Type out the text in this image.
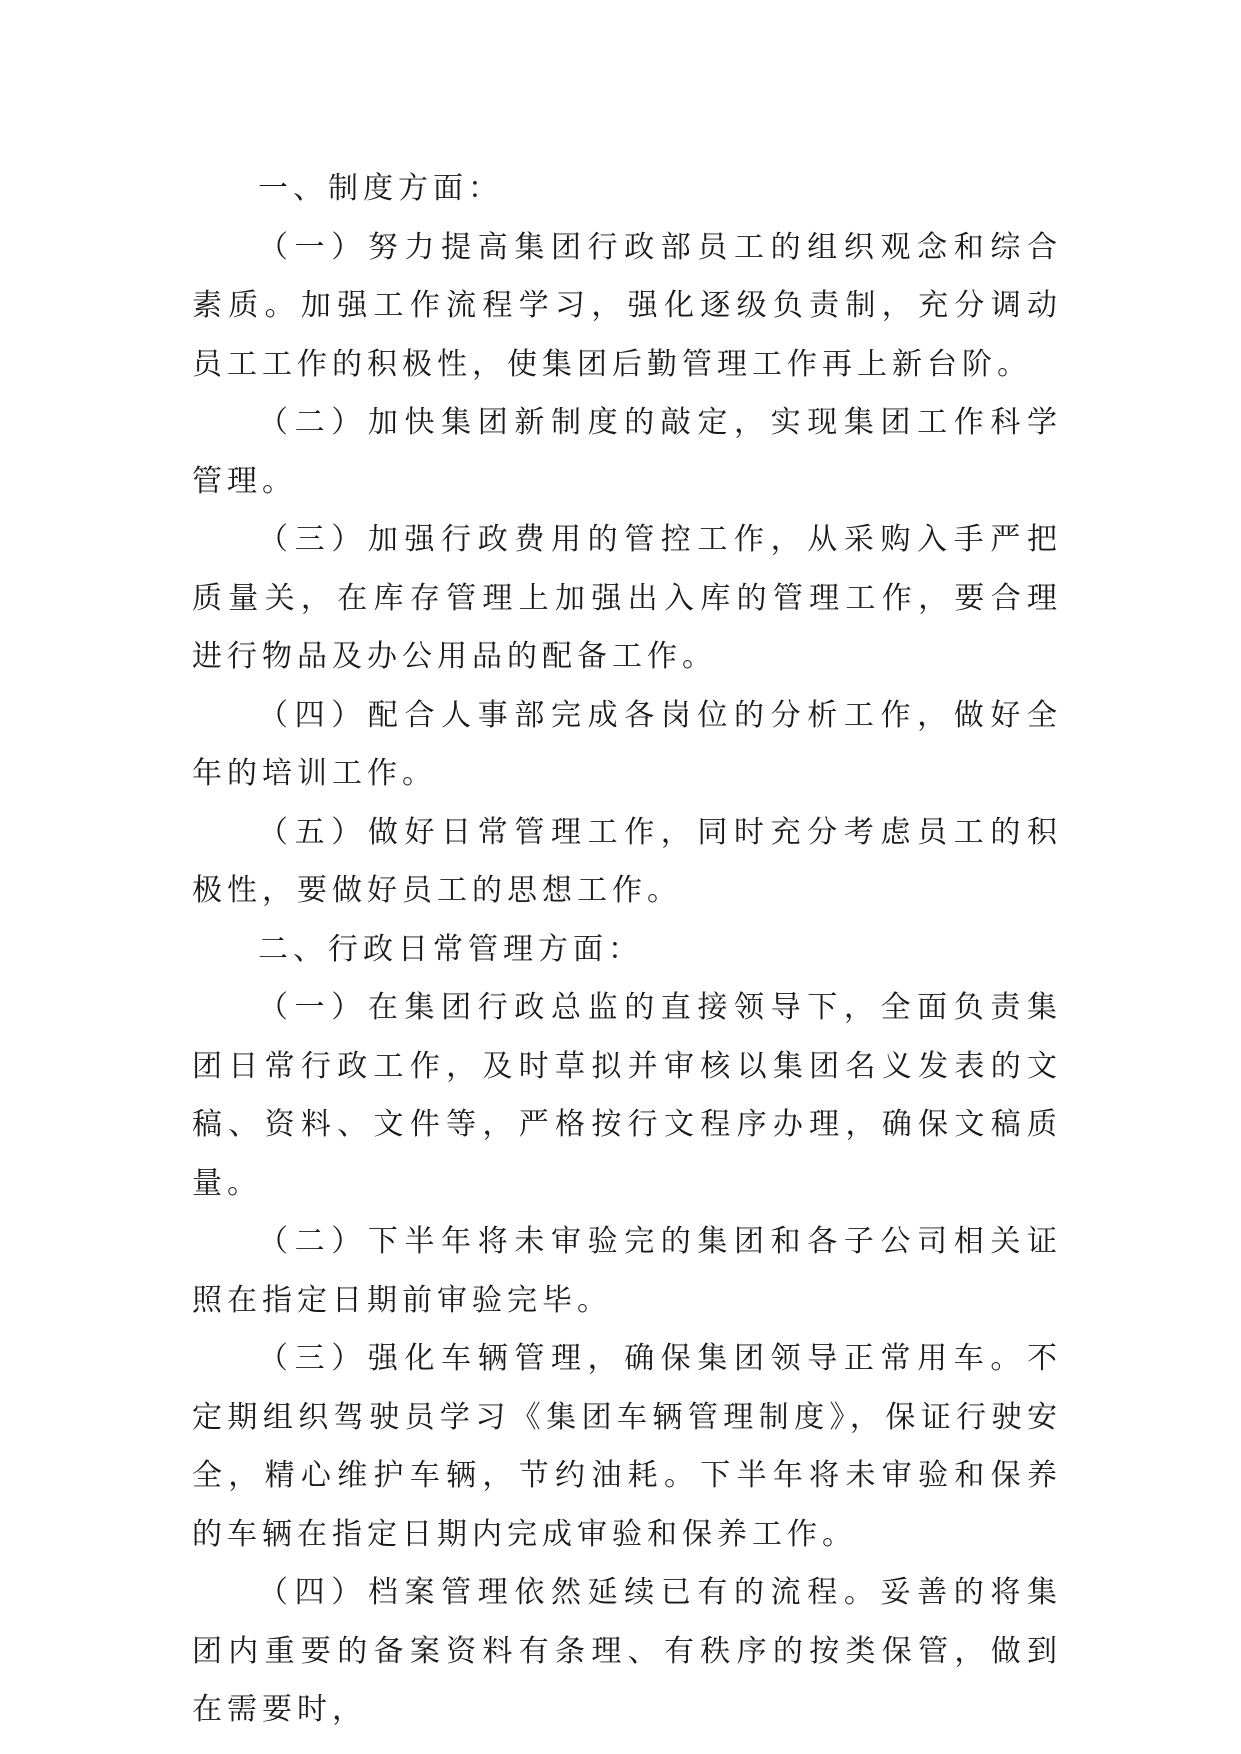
一、制度方面：

（一）努力提高集团行政部员工的组织观念和综合素质。加强工作流程学习，强化逐级负责制，充分调动员工工作的积极性，使集团后勤管理工作再上新台阶。

（二）加快集团新制度的敲定，实现集团工作科学管理。

（三）加强行政费用的管控工作，从采购入手严把质量关，在库存管理上加强出入库的管理工作，要合理进行物品及办公用品的配备工作。

（四）配合人事部完成各岗位的分析工作，做好全年的培训工作。

（五）做好日常管理工作，同时充分考虑员工的积极性，要做好员工的思想工作。

二、行政日常管理方面：

（一）在集团行政总监的直接领导下，全面负责集团日常行政工作，及时草拟并审核以集团名义发表的文稿、资料、文件等，严格按行文程序办理，确保文稿质量。

（二）下半年将未审验完的集团和各子公司相关证照在指定日期前审验完毕。

（三）强化车辆管理，确保集团领导正常用车。不定期组织驾驶员学习《集团车辆管理制度》，保证行驶安全，精心维护车辆，节约油耗。下半年将未审验和保养的车辆在指定日期内完成审验和保养工作。

（四）档案管理依然延续已有的流程。妥善的将集团内重要的备案资料有条理、有秩序的按类保管，做到在需要时，
